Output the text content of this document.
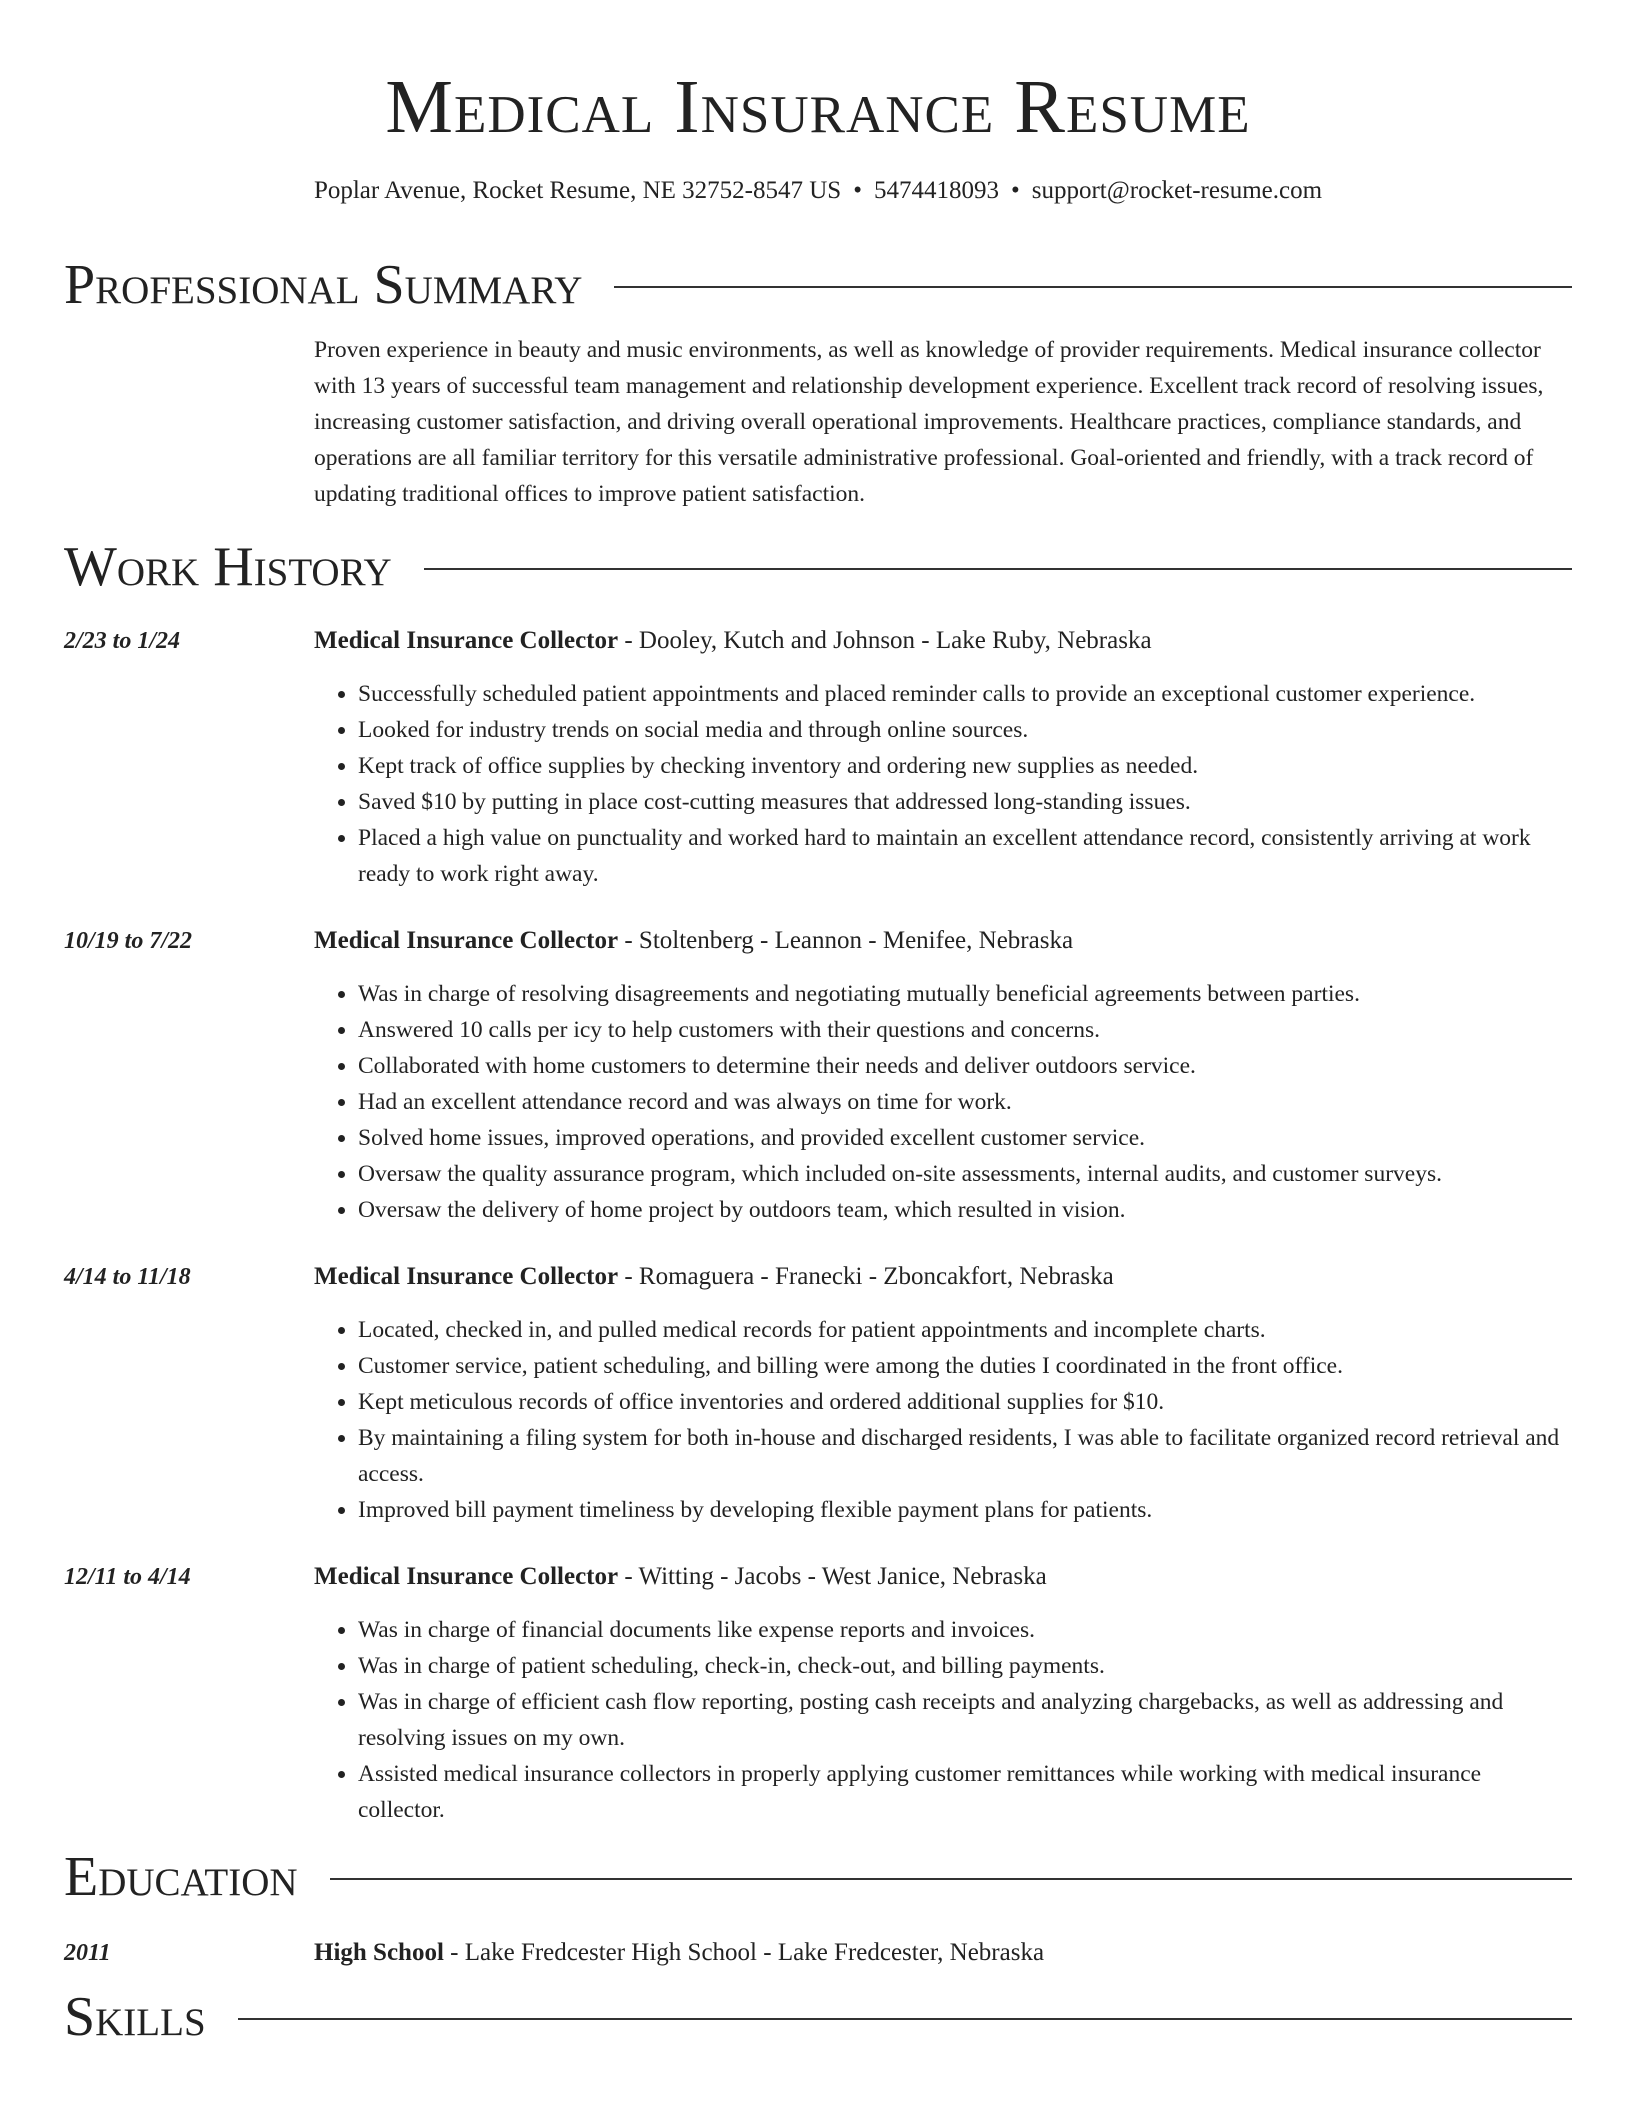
Medical Insurance Resume
Poplar Avenue, Rocket Resume, NE 32752-8547 US • 5474418093 • support@rocket-resume.com
Professional Summary
Proven experience in beauty and music environments, as well as knowledge of provider requirements. Medical insurance collector with 13 years of successful team management and relationship development experience. Excellent track record of resolving issues, increasing customer satisfaction, and driving overall operational improvements. Healthcare practices, compliance standards, and operations are all familiar territory for this versatile administrative professional. Goal-oriented and friendly, with a track record of updating traditional offices to improve patient satisfaction.
Work History
2/23 to 1/24	Medical Insurance Collector - Dooley, Kutch and Johnson - Lake Ruby, Nebraska
• Successfully scheduled patient appointments and placed reminder calls to provide an exceptional customer experience.
• Looked for industry trends on social media and through online sources.
• Kept track of office supplies by checking inventory and ordering new supplies as needed.
• Saved $10 by putting in place cost-cutting measures that addressed long-standing issues.
• Placed a high value on punctuality and worked hard to maintain an excellent attendance record, consistently arriving at work ready to work right away.
10/19 to 7/22	Medical Insurance Collector - Stoltenberg - Leannon - Menifee, Nebraska
• Was in charge of resolving disagreements and negotiating mutually beneficial agreements between parties.
• Answered 10 calls per icy to help customers with their questions and concerns.
• Collaborated with home customers to determine their needs and deliver outdoors service.
• Had an excellent attendance record and was always on time for work.
• Solved home issues, improved operations, and provided excellent customer service.
• Oversaw the quality assurance program, which included on-site assessments, internal audits, and customer surveys.
• Oversaw the delivery of home project by outdoors team, which resulted in vision.
4/14 to 11/18	Medical Insurance Collector - Romaguera - Franecki - Zboncakfort, Nebraska
• Located, checked in, and pulled medical records for patient appointments and incomplete charts.
• Customer service, patient scheduling, and billing were among the duties I coordinated in the front office.
• Kept meticulous records of office inventories and ordered additional supplies for $10.
• By maintaining a filing system for both in-house and discharged residents, I was able to facilitate organized record retrieval and access.
• Improved bill payment timeliness by developing flexible payment plans for patients.
12/11 to 4/14	Medical Insurance Collector - Witting - Jacobs - West Janice, Nebraska
• Was in charge of financial documents like expense reports and invoices.
• Was in charge of patient scheduling, check-in, check-out, and billing payments.
• Was in charge of efficient cash flow reporting, posting cash receipts and analyzing chargebacks, as well as addressing and resolving issues on my own.
• Assisted medical insurance collectors in properly applying customer remittances while working with medical insurance collector.
Education
2011	High School - Lake Fredcester High School - Lake Fredcester, Nebraska
Skills
